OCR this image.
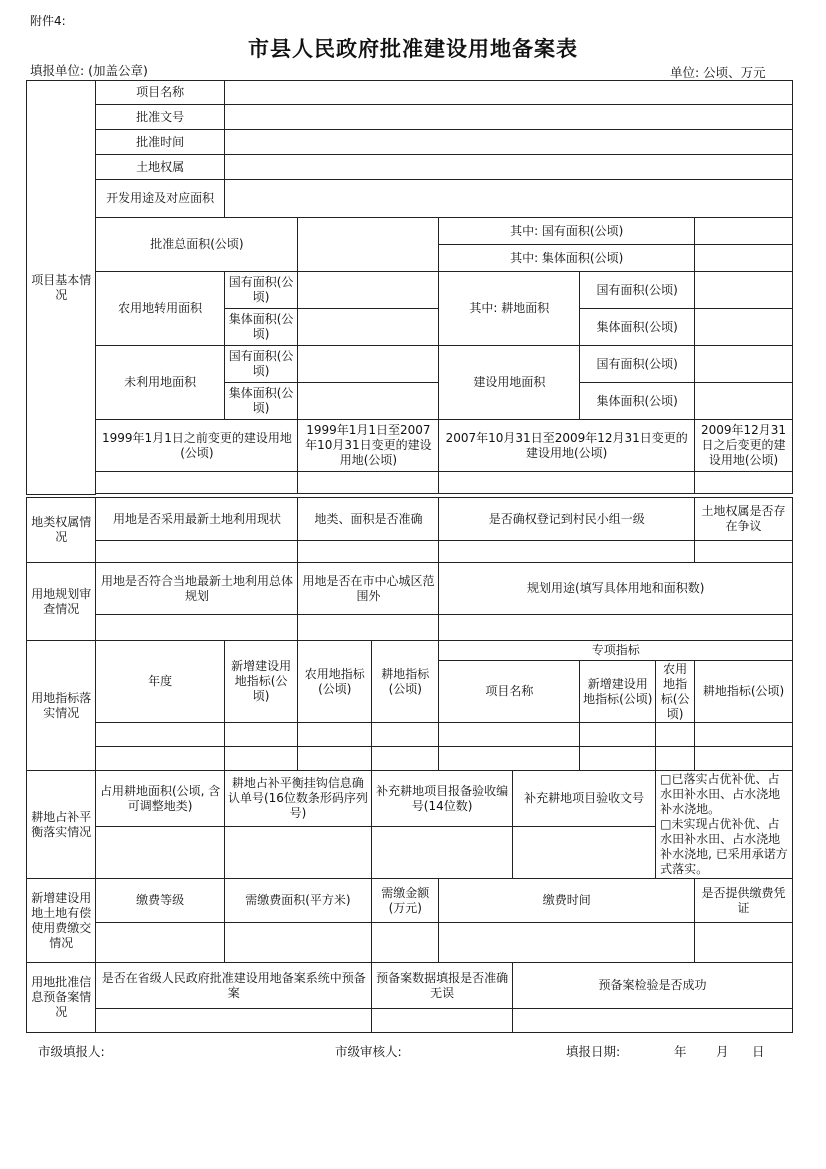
附件4:
市县人民政府批准建设用地备案表
填报单位: (加盖公章)	单位: 公顷、万元
项目基本情况	项目名称					
	批准文号					
	批准时间					
	土地权属					
	开发用途及对应面积					
	批准总面积(公顷)			其中: 国有面积(公顷)		
				其中: 集体面积(公顷)		
	农用地转用面积	国有面积(公顷)		其中: 耕地面积	国有面积(公顷)	
		集体面积(公顷)			集体面积(公顷)	
	未利用地面积	国有面积(公顷)		建设用地面积	国有面积(公顷)	
		集体面积(公顷)			集体面积(公顷)	
	1999年1月1日之前变更的建设用地(公顷)		1999年1月1日至2007年10月31日变更的建设用地(公顷)	2007年10月31日至2009年12月31日变更的建设用地(公顷)		2009年12月31日之后变更的建设用地(公顷)

地类权属情况	用地是否采用最新土地利用现状		地类、面积是否准确		是否确权登记到村民小组一级				土地权属是否存在争议

用地规划审查情况	用地是否符合当地最新土地利用总体规划		用地是否在市中心城区范围外		规划用途(填写具体用地和面积数)				

用地指标落实情况	年度	新增建设用地指标(公顷)	农用地指标(公顷)	耕地指标(公顷)	专项指标				
					项目名称		新增建设用地指标(公顷)	农用地指标(公顷)	耕地指标(公顷)

耕地占补平衡落实情况	占用耕地面积(公顷, 含可调整地类)	耕地占补平衡挂钩信息确认单号(16位数条形码序列号)		补充耕地项目报备验收编号(14位数)		补充耕地项目验收文号		□已落实占优补优、占水田补水田、占水浇地补水浇地。
□未实现占优补优、占水田补水田、占水浇地补水浇地, 已采用承诺方式落实。	

新增建设用地土地有偿使用费缴交情况	缴费等级	需缴费面积(平方米)		需缴金额(万元)	缴费时间				是否提供缴费凭证

用地批准信息预备案情况	是否在省级人民政府批准建设用地备案系统中预备案			预备案数据填报是否准确无误		预备案检验是否成功			

市级填报人:	市级审核人:	填报日期:	年 月 日
